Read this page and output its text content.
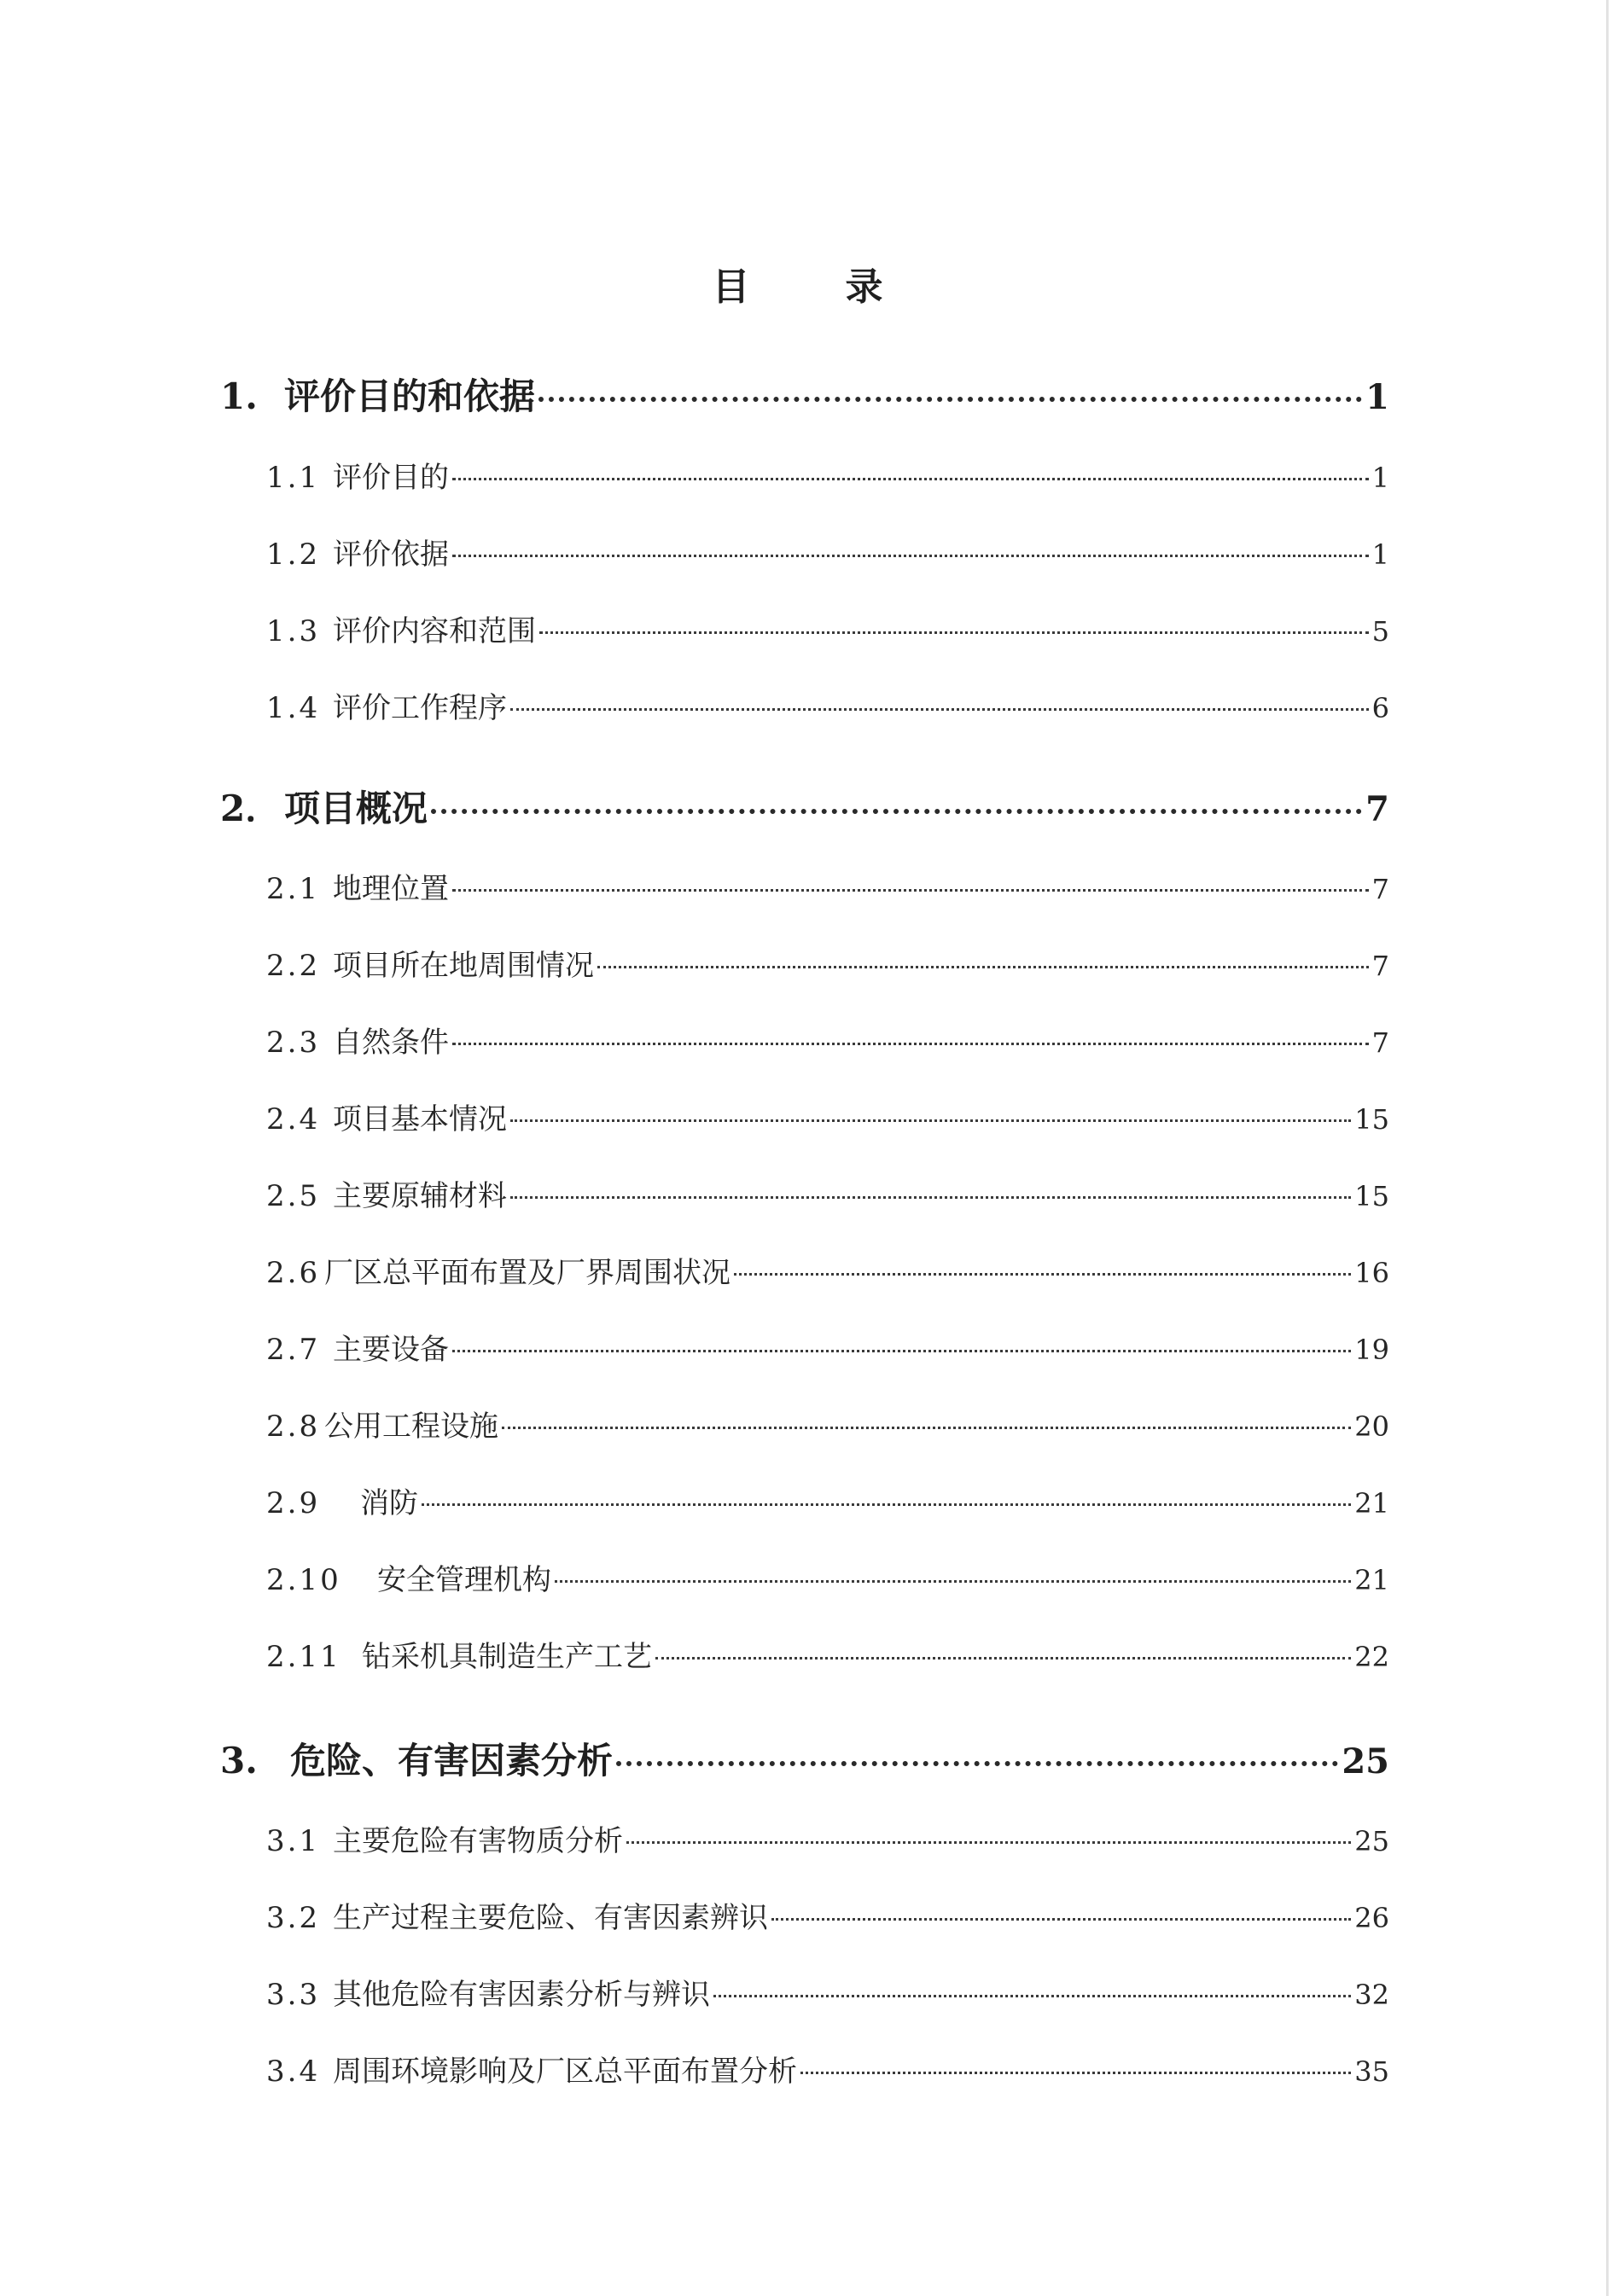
目　录
1. 评价目的和依据	1
1.1 评价目的	1
1.2 评价依据	1
1.3 评价内容和范围	5
1.4 评价工作程序	6
2． 项目概况	7
2.1 地理位置	7
2.2 项目所在地周围情况	7
2.3 自然条件	7
2.4 项目基本情况	15
2.5 主要原辅材料	15
2.6 厂区总平面布置及厂界周围状况	16
2.7 主要设备	19
2.8 公用工程设施	20
2.9	消防	21
2.10	安全管理机构	21
2.11 钻采机具制造生产工艺	22
3. 危险、有害因素分析	25
3.1 主要危险有害物质分析	25
3.2 生产过程主要危险、有害因素辨识	26
3.3 其他危险有害因素分析与辨识	32
3.4 周围环境影响及厂区总平面布置分析	35
